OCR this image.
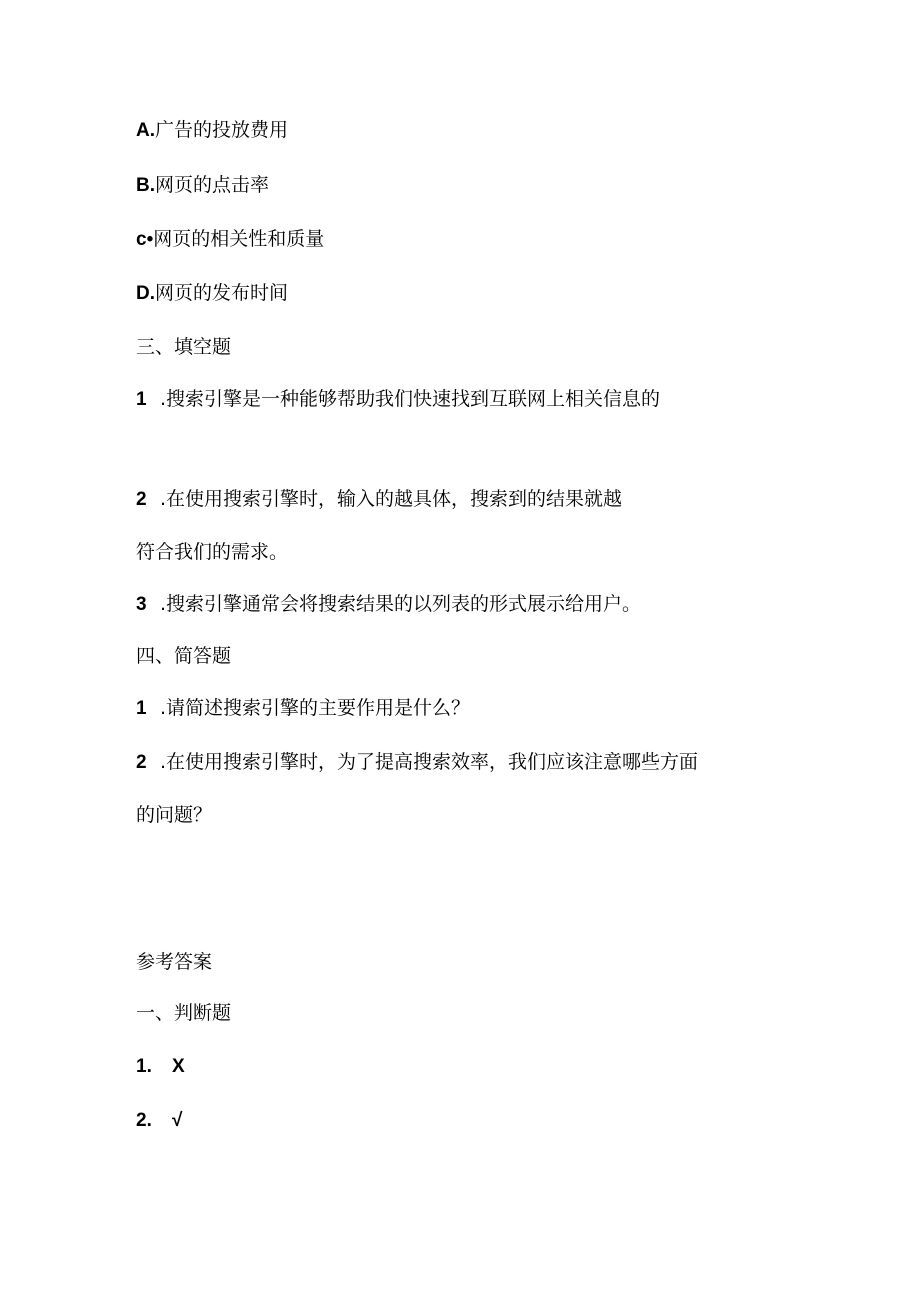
A.广告的投放费用
B.网页的点击率
c•网页的相关性和质量
D.网页的发布时间
三、填空题
1 .搜索引擎是一种能够帮助我们快速找到互联网上相关信息的
2 .在使用搜索引擎时，输入的越具体，搜索到的结果就越
符合我们的需求。
3 .搜索引擎通常会将搜索结果的以列表的形式展示给用户。
四、简答题
1 .请简述搜索引擎的主要作用是什么？
2 .在使用搜索引擎时，为了提高搜索效率，我们应该注意哪些方面
的问题？
参考答案
一、判断题
1. X
2. √
